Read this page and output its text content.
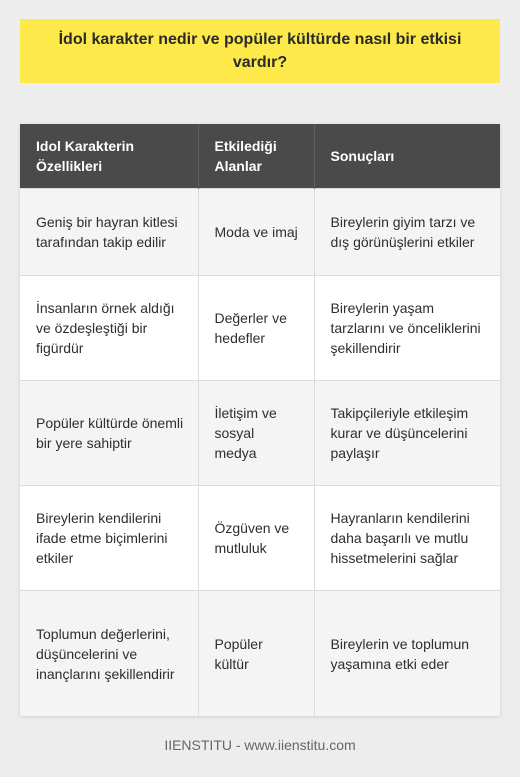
İdol karakter nedir ve popüler kültürde nasıl bir etkisi vardır?
Idol Karakterin Özellikleri	Etkilediği Alanlar	Sonuçları
Geniş bir hayran kitlesi tarafından takip edilir	Moda ve imaj	Bireylerin giyim tarzı ve dış görünüşlerini etkiler
İnsanların örnek aldığı ve özdeşleştiği bir figürdür	Değerler ve hedefler	Bireylerin yaşam tarzlarını ve önceliklerini şekillendirir
Popüler kültürde önemli bir yere sahiptir	İletişim ve sosyal medya	Takipçileriyle etkileşim kurar ve düşüncelerini paylaşır
Bireylerin kendilerini ifade etme biçimlerini etkiler	Özgüven ve mutluluk	Hayranların kendilerini daha başarılı ve mutlu hissetmelerini sağlar
Toplumun değerlerini, düşüncelerini ve inançlarını şekillendirir	Popüler kültür	Bireylerin ve toplumun yaşamına etki eder
IIENSTITU - www.iienstitu.com
